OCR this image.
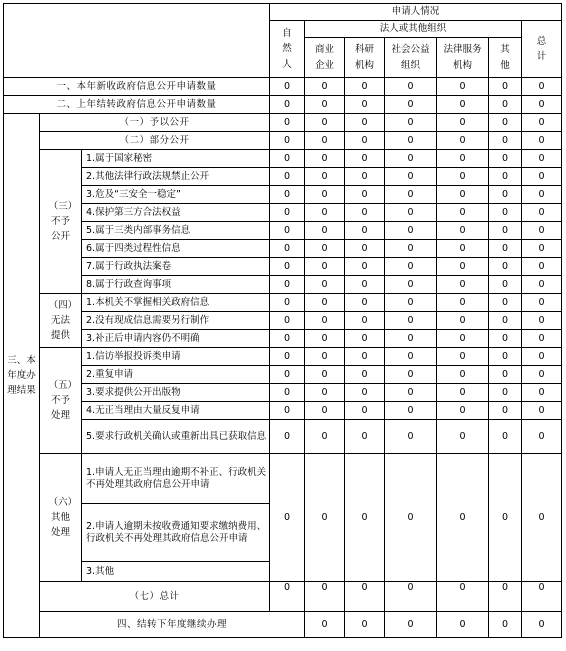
			申请人情况							
			自然人	法人或其他组织					总计	
				商业企业	科研机构	社会公益组织	法律服务机构	其他		
一、本年新收政府信息公开申请数量			0	0	0	0	0	0	0	
二、上年结转政府信息公开申请数量			0	0	0	0	0	0	0	
三、本年度办理结果	（一）予以公开		0	0	0	0	0	0	0	
	（二）部分公开		0	0	0	0	0	0	0	
	（三）不予公开	1.属于国家秘密	0	0	0	0	0	0	0	
		2.其他法律行政法规禁止公开	0	0	0	0	0	0	0	
		3.危及“三安全一稳定”	0	0	0	0	0	0	0	
		4.保护第三方合法权益	0	0	0	0	0	0	0	
		5.属于三类内部事务信息	0	0	0	0	0	0	0	
		6.属于四类过程性信息	0	0	0	0	0	0	0	
		7.属于行政执法案卷	0	0	0	0	0	0	0	
		8.属于行政查询事项	0	0	0	0	0	0	0	
	（四）无法提供	1.本机关不掌握相关政府信息	0	0	0	0	0	0	0	
		2.没有现成信息需要另行制作	0	0	0	0	0	0	0	
		3.补正后申请内容仍不明确	0	0	0	0	0	0	0	
	（五）不予处理	1.信访举报投诉类申请	0	0	0	0	0	0	0	
		2.重复申请	0	0	0	0	0	0	0	
		3.要求提供公开出版物	0	0	0	0	0	0	0	
		4.无正当理由大量反复申请	0	0	0	0	0	0	0	
		5.要求行政机关确认或重新出具已获取信息	0	0	0	0	0	0	0	
	（六）其他处理	1.申请人无正当理由逾期不补正、行政机关不再处理其政府信息公开申请	0	0	0	0	0	0	0	
		2.申请人逾期未按收费通知要求缴纳费用、行政机关不再处理其政府信息公开申请								
		3.其他								
	（七）总计		0	0	0	0	0	0	0	
	四、结转下年度继续办理			0	0	0	0	0	0	
